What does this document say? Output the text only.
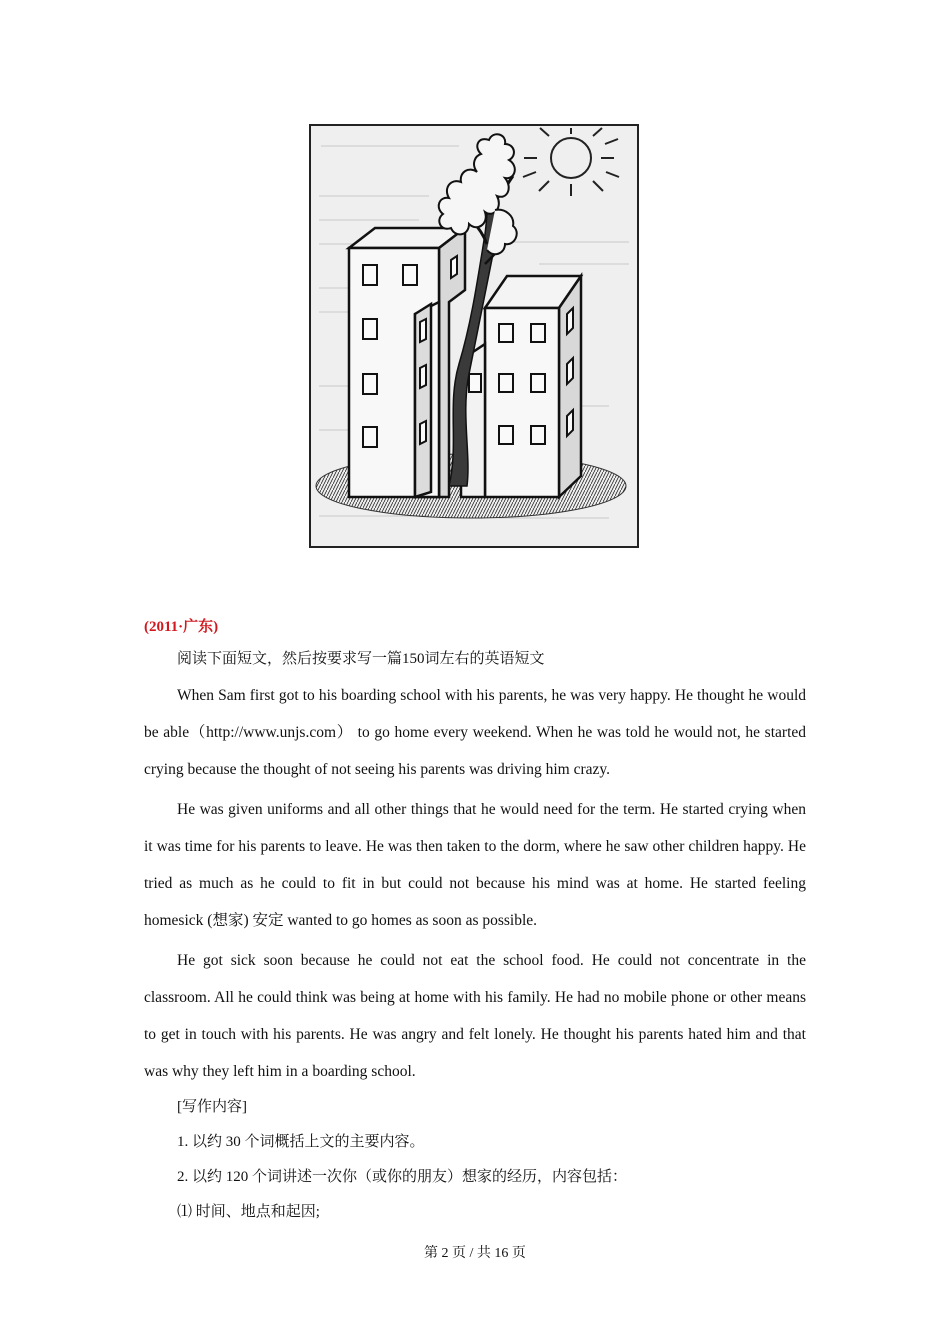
(2011·广东)

阅读下面短文，然后按要求写一篇150词左右的英语短文

When Sam first got to his boarding school with his parents, he was very happy. He thought he would be able（http://www.unjs.com） to go home every weekend. When he was told he would not, he started crying because the thought of not seeing his parents was driving him crazy.

He was given uniforms and all other things that he would need for the term. He started crying when it was time for his parents to leave. He was then taken to the dorm, where he saw other children happy. He tried as much as he could to fit in but could not because his mind was at home. He started feeling homesick (想家) 安定 wanted to go homes as soon as possible.

He got sick soon because he could not eat the school food. He could not concentrate in the classroom. All he could think was being at home with his family. He had no mobile phone or other means to get in touch with his parents. He was angry and felt lonely. He thought his parents hated him and that was why they left him in a boarding school.

[写作内容]

1. 以约 30 个词概括上文的主要内容。

2. 以约 120 个词讲述一次你（或你的朋友）想家的经历，内容包括：

⑴ 时间、地点和起因;

第 2 页 / 共 16 页
